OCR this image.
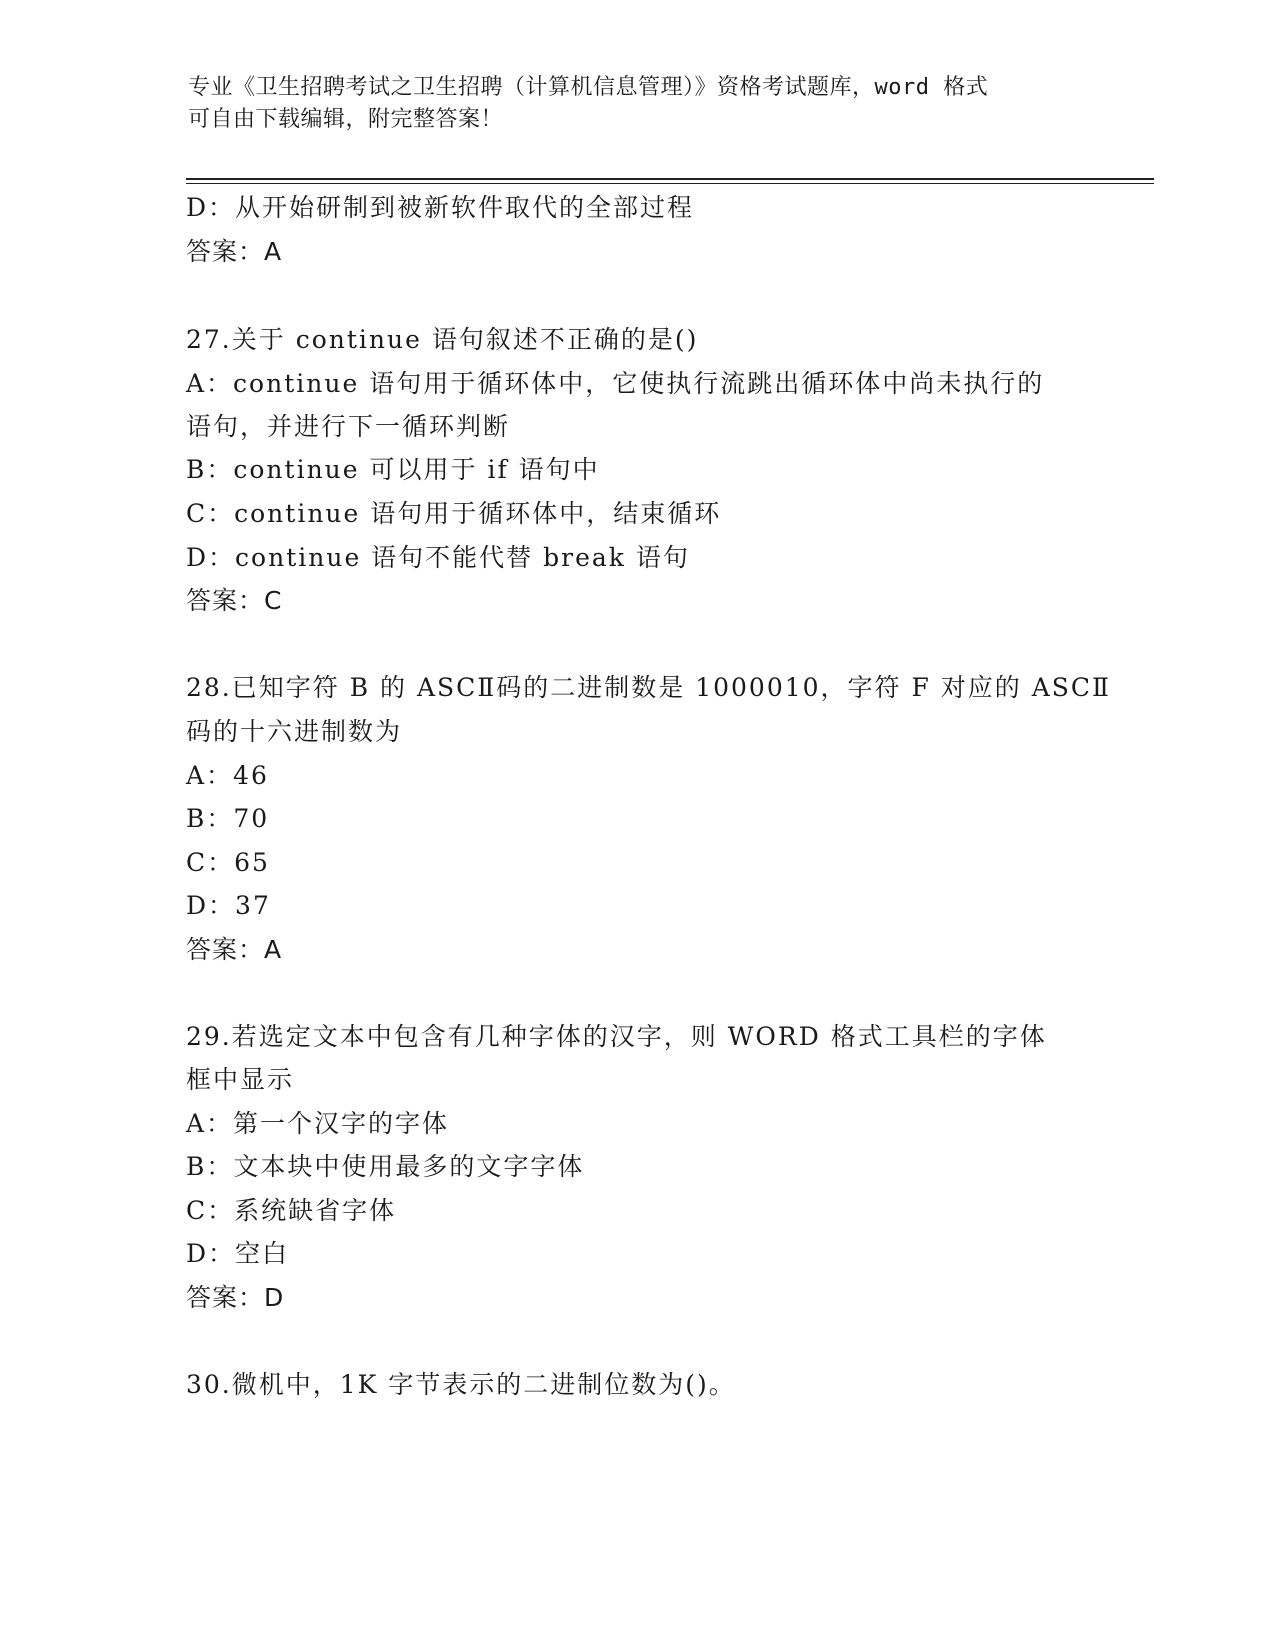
专业《卫生招聘考试之卫生招聘（计算机信息管理）》资格考试题库，word 格式
可自由下载编辑，附完整答案！
D：从开始研制到被新软件取代的全部过程
答案：A
27.关于 continue 语句叙述不正确的是()
A：continue 语句用于循环体中，它使执行流跳出循环体中尚未执行的
语句，并进行下一循环判断
B：continue 可以用于 if 语句中
C：continue 语句用于循环体中，结束循环
D：continue 语句不能代替 break 语句
答案：C
28.已知字符 B 的 ASCⅡ码的二进制数是 1000010，字符 F 对应的 ASCⅡ
码的十六进制数为
A：46
B：70
C：65
D：37
答案：A
29.若选定文本中包含有几种字体的汉字，则 WORD 格式工具栏的字体
框中显示
A：第一个汉字的字体
B：文本块中使用最多的文字字体
C：系统缺省字体
D：空白
答案：D
30.微机中，1K 字节表示的二进制位数为()。
